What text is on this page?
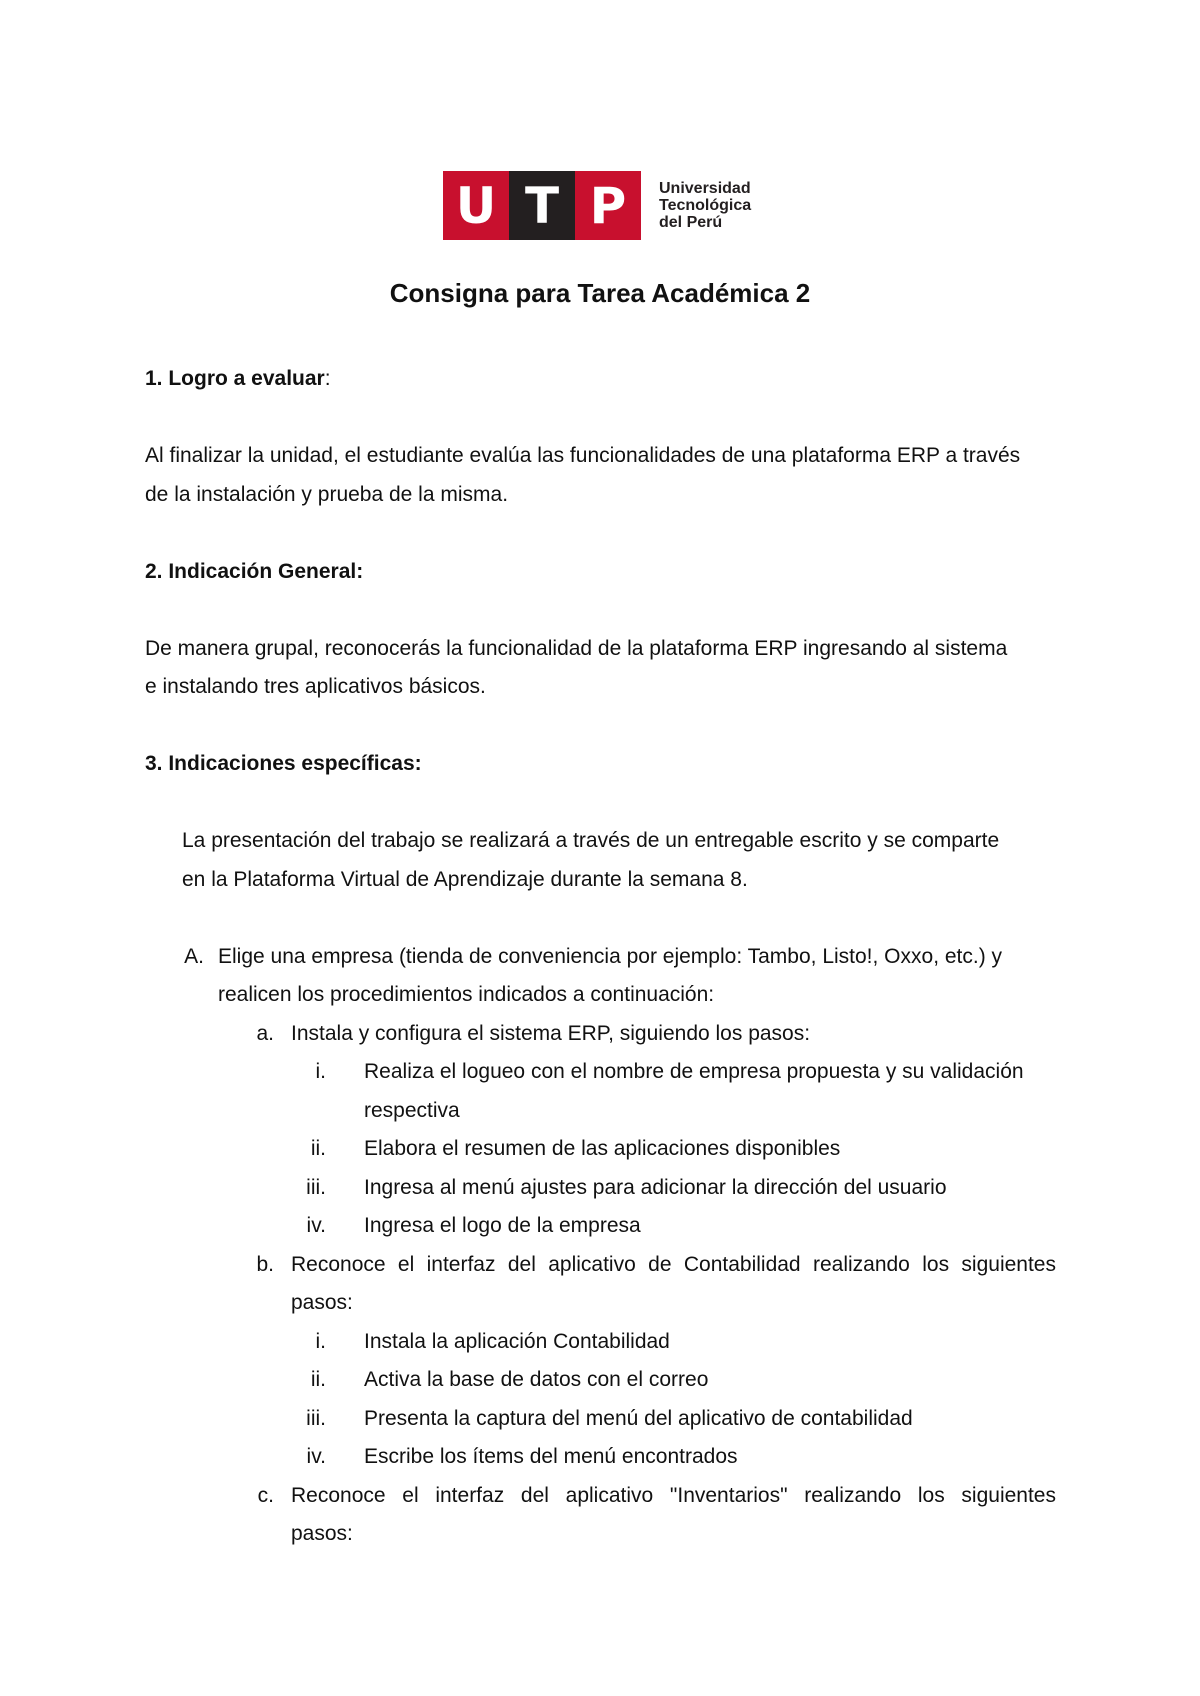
U T P	Universidad
Tecnológica
del Perú
Consigna para Tarea Académica 2
1. Logro a evaluar:
Al finalizar la unidad, el estudiante evalúa las funcionalidades de una plataforma ERP a través
de la instalación y prueba de la misma.
2. Indicación General:
De manera grupal, reconocerás la funcionalidad de la plataforma ERP ingresando al sistema
e instalando tres aplicativos básicos.
3. Indicaciones específicas:
La presentación del trabajo se realizará a través de un entregable escrito y se comparte
en la Plataforma Virtual de Aprendizaje durante la semana 8.
A. Elige una empresa (tienda de conveniencia por ejemplo: Tambo, Listo!, Oxxo, etc.) y
realicen los procedimientos indicados a continuación:
a. Instala y configura el sistema ERP, siguiendo los pasos:
i. Realiza el logueo con el nombre de empresa propuesta y su validación
respectiva
ii. Elabora el resumen de las aplicaciones disponibles
iii. Ingresa al menú ajustes para adicionar la dirección del usuario
iv. Ingresa el logo de la empresa
b. Reconoce el interfaz del aplicativo de Contabilidad realizando los siguientes
pasos:
i. Instala la aplicación Contabilidad
ii. Activa la base de datos con el correo
iii. Presenta la captura del menú del aplicativo de contabilidad
iv. Escribe los ítems del menú encontrados
c. Reconoce el interfaz del aplicativo "Inventarios" realizando los siguientes
pasos:
